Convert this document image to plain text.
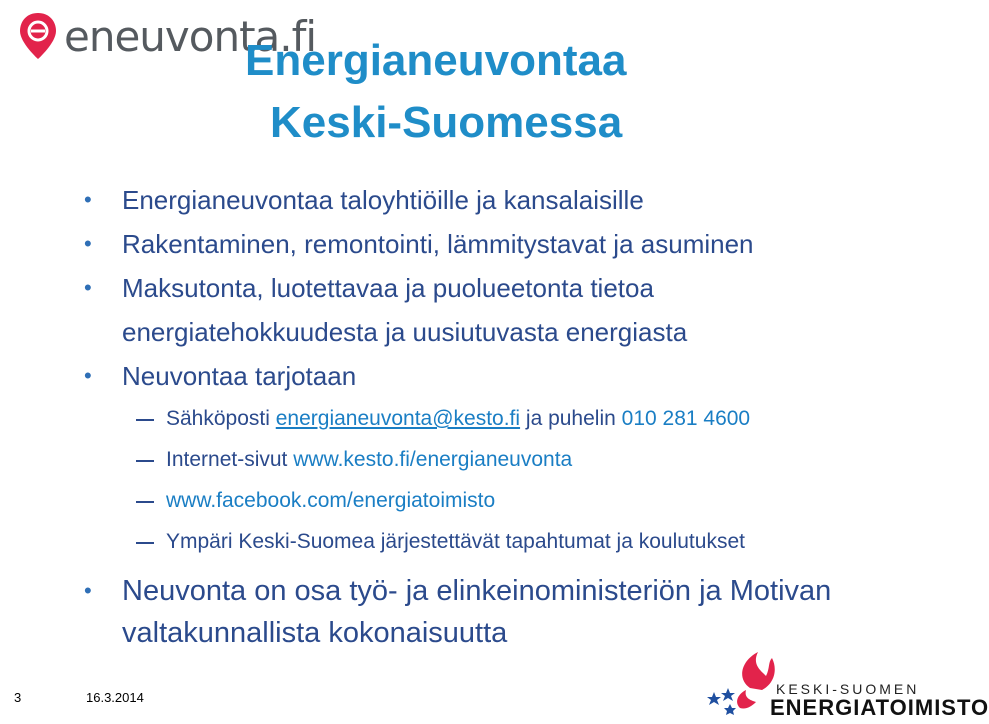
eneuvonta.fi
Energianeuvontaa
Keski-Suomessa
• Energianeuvontaa taloyhtiöille ja kansalaisille
• Rakentaminen, remontointi, lämmitystavat ja asuminen
• Maksutonta, luotettavaa ja puolueetonta tietoa
energiatehokkuudesta ja uusiutuvasta energiasta
• Neuvontaa tarjotaan
Sähköposti energianeuvonta@kesto.fi ja puhelin 010 281 4600
Internet-sivut www.kesto.fi/energianeuvonta
www.facebook.com/energiatoimisto
Ympäri Keski-Suomea järjestettävät tapahtumat ja koulutukset
• Neuvonta on osa työ- ja elinkeinoministeriön ja Motivan
valtakunnallista kokonaisuutta
3	16.3.2014
KESKI-SUOMEN
ENERGIATOIMISTO
